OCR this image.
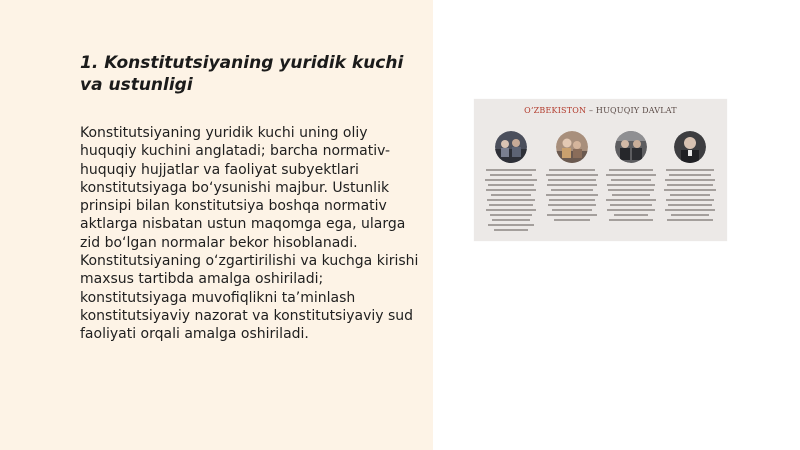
1. Konstitutsiyaning yuridik kuchi va ustunligi

Konstitutsiyaning yuridik kuchi uning oliy huquqiy kuchini anglatadi; barcha normativ-huquqiy hujjatlar va faoliyat subyektlari konstitutsiyaga bo‘ysunishi majbur. Ustunlik prinsipi bilan konstitutsiya boshqa normativ aktlarga nisbatan ustun maqomga ega, ularga zid bo‘lgan normalar bekor hisoblanadi. Konstitutsiyaning o‘zgartirilishi va kuchga kirishi maxsus tartibda amalga oshiriladi; konstitutsiyaga muvofiqlikni ta’minlash konstitutsiyaviy nazorat va konstitutsiyaviy sud faoliyati orqali amalga oshiriladi.

O‘ZBEKISTON – HUQUQIY DAVLAT
